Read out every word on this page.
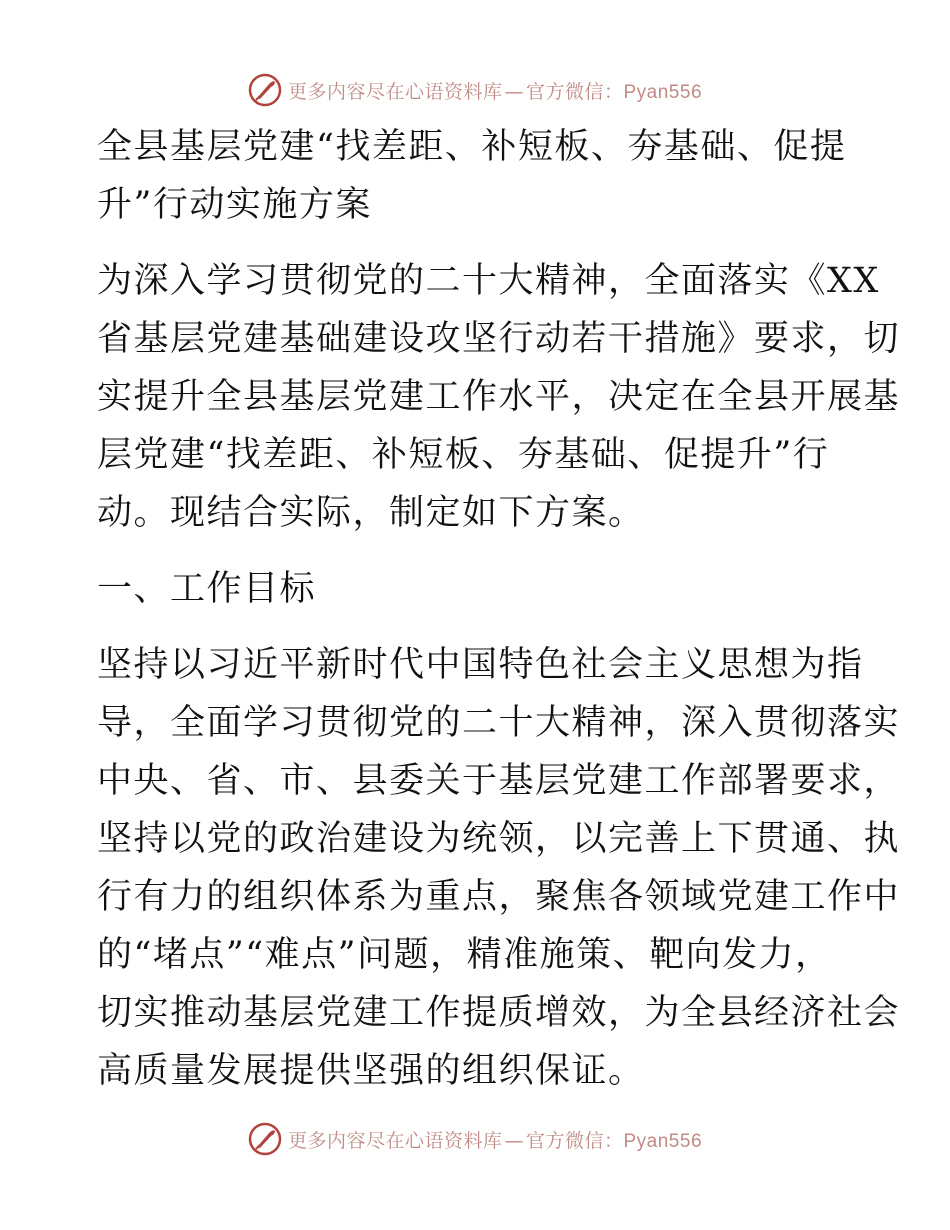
更多内容尽在心语资料库 — 官方微信：Pyan556
全县基层党建“找差距、补短板、夯基础、促提
升”行动实施方案
为深入学习贯彻党的二十大精神，全面落实《XX
省基层党建基础建设攻坚行动若干措施》要求，切
实提升全县基层党建工作水平，决定在全县开展基
层党建“找差距、补短板、夯基础、促提升”行
动。现结合实际，制定如下方案。
一、工作目标
坚持以习近平新时代中国特色社会主义思想为指
导，全面学习贯彻党的二十大精神，深入贯彻落实
中央、省、市、县委关于基层党建工作部署要求，
坚持以党的政治建设为统领，以完善上下贯通、执
行有力的组织体系为重点，聚焦各领域党建工作中
的“堵点”“难点”问题，精准施策、靶向发力，
切实推动基层党建工作提质增效，为全县经济社会
高质量发展提供坚强的组织保证。
更多内容尽在心语资料库 — 官方微信：Pyan556
